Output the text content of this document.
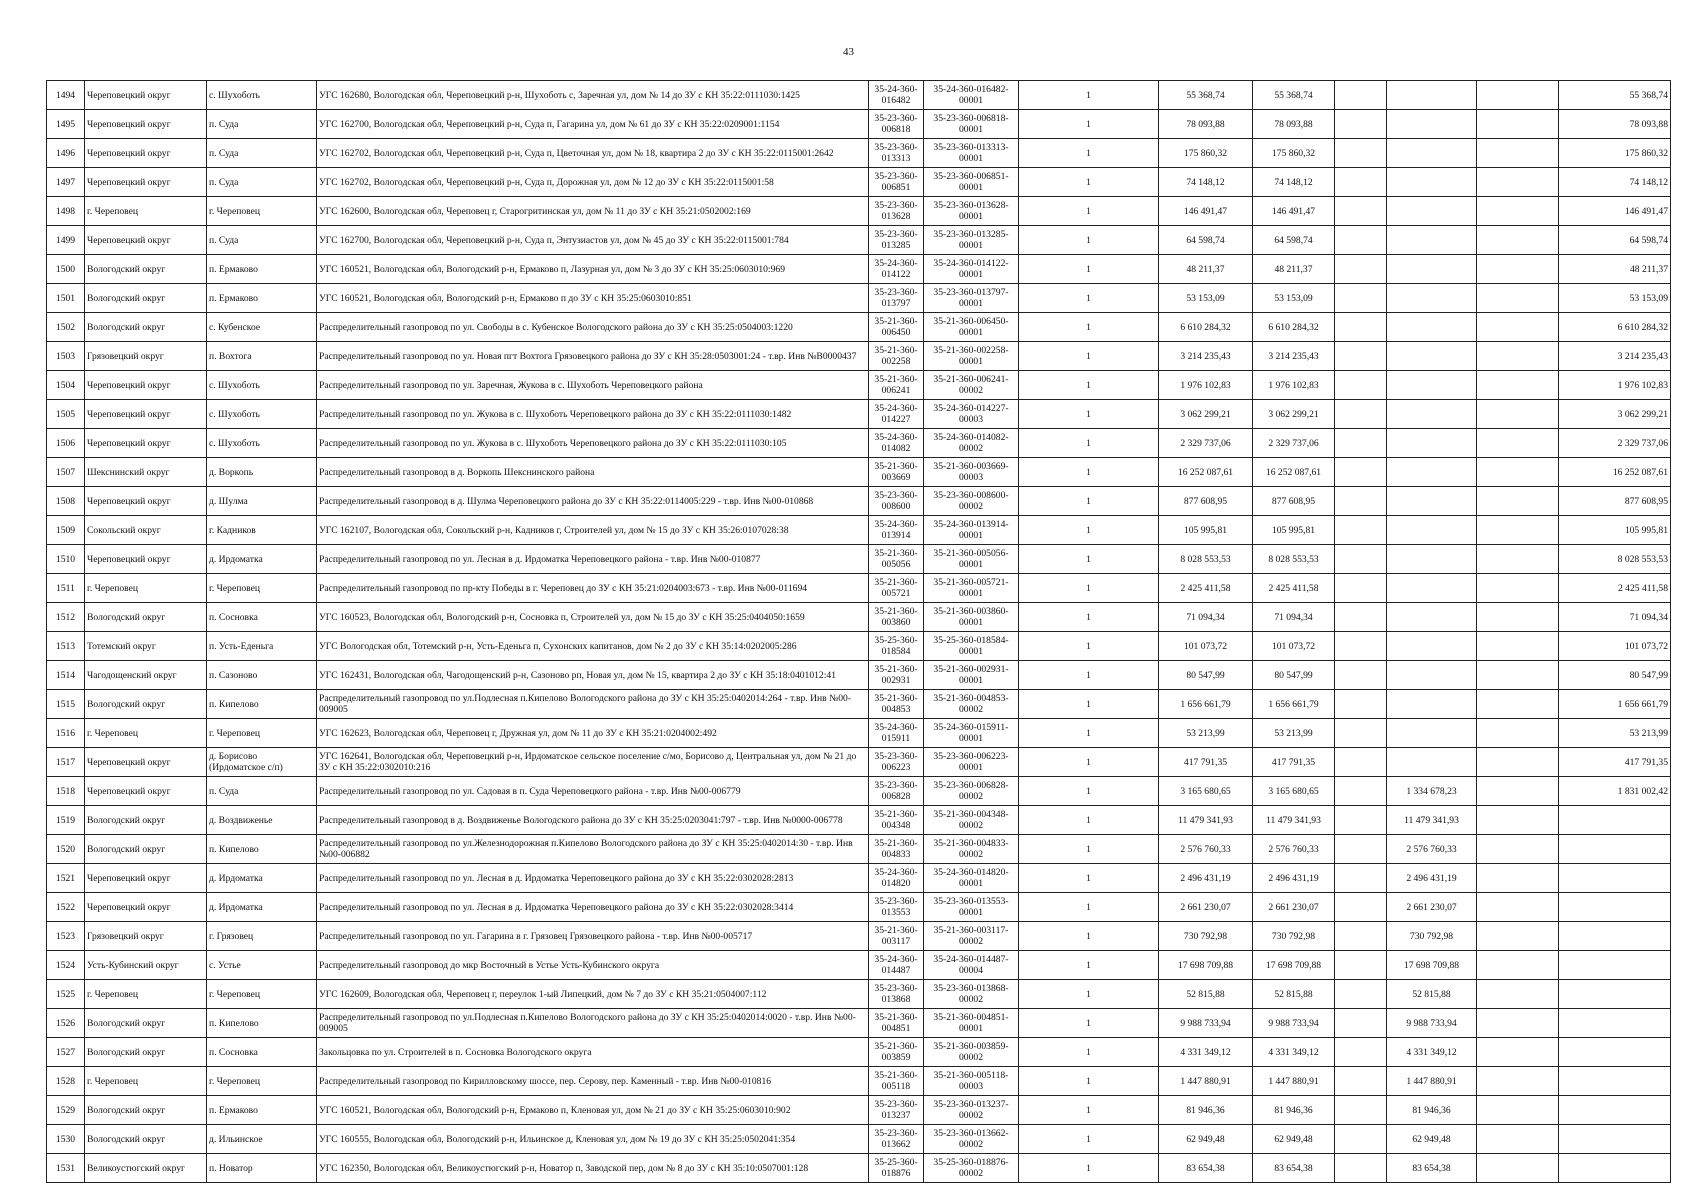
43
1494	Череповецкий округ	с. Шухоботь	УГС 162680, Вологодская обл, Череповецкий р-н, Шухоботь с, Заречная ул, дом № 14 до ЗУ с КН 35:22:0111030:1425	35-24-360-016482	35-24-360-016482-00001	1	55 368,74	55 368,74				55 368,74
1495	Череповецкий округ	п. Суда	УГС 162700, Вологодская обл, Череповецкий р-н, Суда п, Гагарина ул, дом № 61 до ЗУ с КН 35:22:0209001:1154	35-23-360-006818	35-23-360-006818-00001	1	78 093,88	78 093,88				78 093,88
1496	Череповецкий округ	п. Суда	УГС 162702, Вологодская обл, Череповецкий р-н, Суда п, Цветочная ул, дом № 18, квартира 2 до ЗУ с КН 35:22:0115001:2642	35-23-360-013313	35-23-360-013313-00001	1	175 860,32	175 860,32				175 860,32
1497	Череповецкий округ	п. Суда	УГС 162702, Вологодская обл, Череповецкий р-н, Суда п, Дорожная ул, дом № 12 до ЗУ с КН 35:22:0115001:58	35-23-360-006851	35-23-360-006851-00001	1	74 148,12	74 148,12				74 148,12
1498	г. Череповец	г. Череповец	УГС 162600, Вологодская обл, Череповец г, Старогритинская ул, дом № 11 до ЗУ с КН 35:21:0502002:169	35-23-360-013628	35-23-360-013628-00001	1	146 491,47	146 491,47				146 491,47
1499	Череповецкий округ	п. Суда	УГС 162700, Вологодская обл, Череповецкий р-н, Суда п, Энтузиастов ул, дом № 45 до ЗУ с КН 35:22:0115001:784	35-23-360-013285	35-23-360-013285-00001	1	64 598,74	64 598,74				64 598,74
1500	Вологодский округ	п. Ермаково	УГС 160521, Вологодская обл, Вологодский р-н, Ермаково п, Лазурная ул, дом № 3 до ЗУ с КН 35:25:0603010:969	35-24-360-014122	35-24-360-014122-00001	1	48 211,37	48 211,37				48 211,37
1501	Вологодский округ	п. Ермаково	УГС 160521, Вологодская обл, Вологодский р-н, Ермаково п до ЗУ с КН 35:25:0603010:851	35-23-360-013797	35-23-360-013797-00001	1	53 153,09	53 153,09				53 153,09
1502	Вологодский округ	с. Кубенское	Распределительный газопровод по ул. Свободы в с. Кубенское Вологодского района до ЗУ с КН 35:25:0504003:1220	35-21-360-006450	35-21-360-006450-00001	1	6 610 284,32	6 610 284,32				6 610 284,32
1503	Грязовецкий округ	п. Вохтога	Распределительный газопровод по ул. Новая пгт Вохтога Грязовецкого района до ЗУ с КН 35:28:0503001:24 - т.вр. Инв №В0000437	35-21-360-002258	35-21-360-002258-00001	1	3 214 235,43	3 214 235,43				3 214 235,43
1504	Череповецкий округ	с. Шухоботь	Распределительный газопровод по ул. Заречная, Жукова в с. Шухоботь Череповецкого района	35-21-360-006241	35-21-360-006241-00002	1	1 976 102,83	1 976 102,83				1 976 102,83
1505	Череповецкий округ	с. Шухоботь	Распределительный газопровод по ул. Жукова в с. Шухоботь Череповецкого района до ЗУ с КН 35:22:0111030:1482	35-24-360-014227	35-24-360-014227-00003	1	3 062 299,21	3 062 299,21				3 062 299,21
1506	Череповецкий округ	с. Шухоботь	Распределительный газопровод по ул. Жукова в с. Шухоботь Череповецкого района до ЗУ с КН 35:22:0111030:105	35-24-360-014082	35-24-360-014082-00002	1	2 329 737,06	2 329 737,06				2 329 737,06
1507	Шекснинский округ	д. Воркопь	Распределительный газопровод в д. Воркопь Шекснинского района	35-21-360-003669	35-21-360-003669-00003	1	16 252 087,61	16 252 087,61				16 252 087,61
1508	Череповецкий округ	д. Шулма	Распределительный газопровод в д. Шулма Череповецкого района до ЗУ с КН 35:22:0114005:229 - т.вр. Инв №00-010868	35-23-360-008600	35-23-360-008600-00002	1	877 608,95	877 608,95				877 608,95
1509	Сокольский округ	г. Кадников	УГС 162107, Вологодская обл, Сокольский р-н, Кадников г, Строителей ул, дом № 15 до ЗУ с КН 35:26:0107028:38	35-24-360-013914	35-24-360-013914-00001	1	105 995,81	105 995,81				105 995,81
1510	Череповецкий округ	д. Ирдоматка	Распределительный газопровод по ул. Лесная в д. Ирдоматка Череповецкого района - т.вр. Инв №00-010877	35-21-360-005056	35-21-360-005056-00001	1	8 028 553,53	8 028 553,53				8 028 553,53
1511	г. Череповец	г. Череповец	Распределительный газопровод по пр-кту Победы в г. Череповец до ЗУ с КН 35:21:0204003:673 - т.вр. Инв №00-011694	35-21-360-005721	35-21-360-005721-00001	1	2 425 411,58	2 425 411,58				2 425 411,58
1512	Вологодский округ	п. Сосновка	УГС 160523, Вологодская обл, Вологодский р-н, Сосновка п, Строителей ул, дом № 15 до ЗУ с КН 35:25:0404050:1659	35-21-360-003860	35-21-360-003860-00001	1	71 094,34	71 094,34				71 094,34
1513	Тотемский округ	п. Усть-Еденьга	УГС Вологодская обл, Тотемский р-н, Усть-Еденьга п, Сухонских капитанов, дом № 2 до ЗУ с КН 35:14:0202005:286	35-25-360-018584	35-25-360-018584-00001	1	101 073,72	101 073,72				101 073,72
1514	Чагодощенский округ	п. Сазоново	УГС 162431, Вологодская обл, Чагодощенский р-н, Сазоново рп, Новая ул, дом № 15, квартира 2 до ЗУ с КН 35:18:0401012:41	35-21-360-002931	35-21-360-002931-00001	1	80 547,99	80 547,99				80 547,99
1515	Вологодский округ	п. Кипелово	Распределительный газопровод по ул.Подлесная п.Кипелово Вологодского района до ЗУ с КН 35:25:0402014:264 - т.вр. Инв №00-009005	35-21-360-004853	35-21-360-004853-00002	1	1 656 661,79	1 656 661,79				1 656 661,79
1516	г. Череповец	г. Череповец	УГС 162623, Вологодская обл, Череповец г, Дружная ул, дом № 11 до ЗУ с КН 35:21:0204002:492	35-24-360-015911	35-24-360-015911-00001	1	53 213,99	53 213,99				53 213,99
1517	Череповецкий округ	д. Борисово (Ирдоматское с/п)	УГС 162641, Вологодская обл, Череповецкий р-н, Ирдоматское сельское поселение с/мо, Борисово д, Центральная ул, дом № 21 до ЗУ с КН 35:22:0302010:216	35-23-360-006223	35-23-360-006223-00001	1	417 791,35	417 791,35				417 791,35
1518	Череповецкий округ	п. Суда	Распределительный газопровод по ул. Садовая в п. Суда Череповецкого района - т.вр. Инв №00-006779	35-23-360-006828	35-23-360-006828-00002	1	3 165 680,65	3 165 680,65		1 334 678,23		1 831 002,42
1519	Вологодский округ	д. Воздвиженье	Распределительный газопровод в д. Воздвиженье Вологодского района до ЗУ с КН 35:25:0203041:797 - т.вр. Инв №0000-006778	35-21-360-004348	35-21-360-004348-00002	1	11 479 341,93	11 479 341,93		11 479 341,93		
1520	Вологодский округ	п. Кипелово	Распределительный газопровод по ул.Железнодорожная п.Кипелово Вологодского района до ЗУ с КН 35:25:0402014:30 - т.вр. Инв №00-006882	35-21-360-004833	35-21-360-004833-00002	1	2 576 760,33	2 576 760,33		2 576 760,33		
1521	Череповецкий округ	д. Ирдоматка	Распределительный газопровод по ул. Лесная в д. Ирдоматка Череповецкого района до ЗУ с КН 35:22:0302028:2813	35-24-360-014820	35-24-360-014820-00001	1	2 496 431,19	2 496 431,19		2 496 431,19		
1522	Череповецкий округ	д. Ирдоматка	Распределительный газопровод по ул. Лесная в д. Ирдоматка Череповецкого района до ЗУ с КН 35:22:0302028:3414	35-23-360-013553	35-23-360-013553-00001	1	2 661 230,07	2 661 230,07		2 661 230,07		
1523	Грязовецкий округ	г. Грязовец	Распределительный газопровод по ул. Гагарина в г. Грязовец Грязовецкого района - т.вр. Инв №00-005717	35-21-360-003117	35-21-360-003117-00002	1	730 792,98	730 792,98		730 792,98		
1524	Усть-Кубинский округ	с. Устье	Распределительный газопровод до мкр Восточный в Устье Усть-Кубинского округа	35-24-360-014487	35-24-360-014487-00004	1	17 698 709,88	17 698 709,88		17 698 709,88		
1525	г. Череповец	г. Череповец	УГС 162609, Вологодская обл, Череповец г, переулок 1-ый Липецкий, дом № 7 до ЗУ с КН 35:21:0504007:112	35-23-360-013868	35-23-360-013868-00002	1	52 815,88	52 815,88		52 815,88		
1526	Вологодский округ	п. Кипелово	Распределительный газопровод по ул.Подлесная п.Кипелово Вологодского района до ЗУ с КН 35:25:0402014:0020 - т.вр. Инв №00-009005	35-21-360-004851	35-21-360-004851-00001	1	9 988 733,94	9 988 733,94		9 988 733,94		
1527	Вологодский округ	п. Сосновка	Закольцовка по ул. Строителей в п. Сосновка Вологодского округа	35-21-360-003859	35-21-360-003859-00002	1	4 331 349,12	4 331 349,12		4 331 349,12		
1528	г. Череповец	г. Череповец	Распределительный газопровод по Кирилловскому шоссе, пер. Серову, пер. Каменный - т.вр. Инв №00-010816	35-21-360-005118	35-21-360-005118-00003	1	1 447 880,91	1 447 880,91		1 447 880,91		
1529	Вологодский округ	п. Ермаково	УГС 160521, Вологодская обл, Вологодский р-н, Ермаково п, Кленовая ул, дом № 21 до ЗУ с КН 35:25:0603010:902	35-23-360-013237	35-23-360-013237-00002	1	81 946,36	81 946,36		81 946,36		
1530	Вологодский округ	д. Ильинское	УГС 160555, Вологодская обл, Вологодский р-н, Ильинское д, Кленовая ул, дом № 19 до ЗУ с КН 35:25:0502041:354	35-23-360-013662	35-23-360-013662-00002	1	62 949,48	62 949,48		62 949,48		
1531	Великоустюгский округ	п. Новатор	УГС 162350, Вологодская обл, Великоустюгский р-н, Новатор п, Заводской пер, дом № 8 до ЗУ с КН 35:10:0507001:128	35-25-360-018876	35-25-360-018876-00002	1	83 654,38	83 654,38		83 654,38		
